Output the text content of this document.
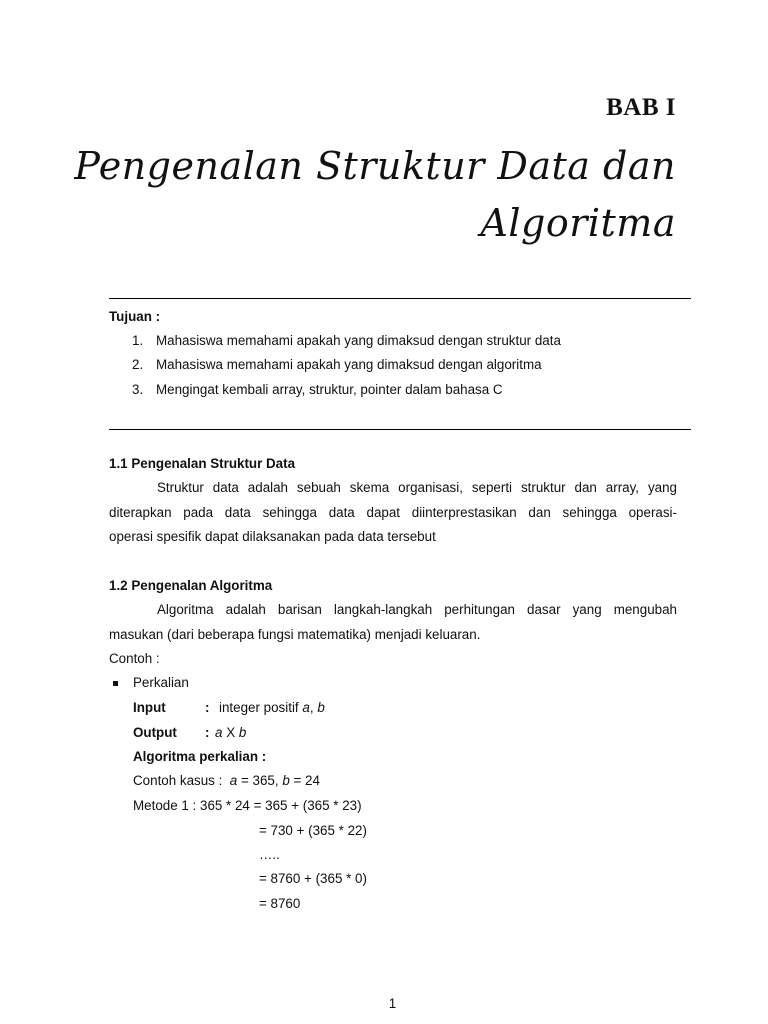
BAB I
Pengenalan Struktur Data dan
Algoritma
Tujuan :
1. Mahasiswa memahami apakah yang dimaksud dengan struktur data
2. Mahasiswa memahami apakah yang dimaksud dengan algoritma
3. Mengingat kembali array, struktur, pointer dalam bahasa C
1.1 Pengenalan Struktur Data
Struktur data adalah sebuah skema organisasi, seperti struktur dan array, yang
diterapkan pada data sehingga data dapat diinterprestasikan dan sehingga operasi-
operasi spesifik dapat dilaksanakan pada data tersebut
1.2 Pengenalan Algoritma
Algoritma adalah barisan langkah-langkah perhitungan dasar yang mengubah
masukan (dari beberapa fungsi matematika) menjadi keluaran.
Contoh :
Perkalian
Input	: integer positif a, b
Output : a X b
Algoritma perkalian :
Contoh kasus : a = 365, b = 24
Metode 1 : 365 * 24 = 365 + (365 * 23)
= 730 + (365 * 22)
…..
= 8760 + (365 * 0)
= 8760
1
